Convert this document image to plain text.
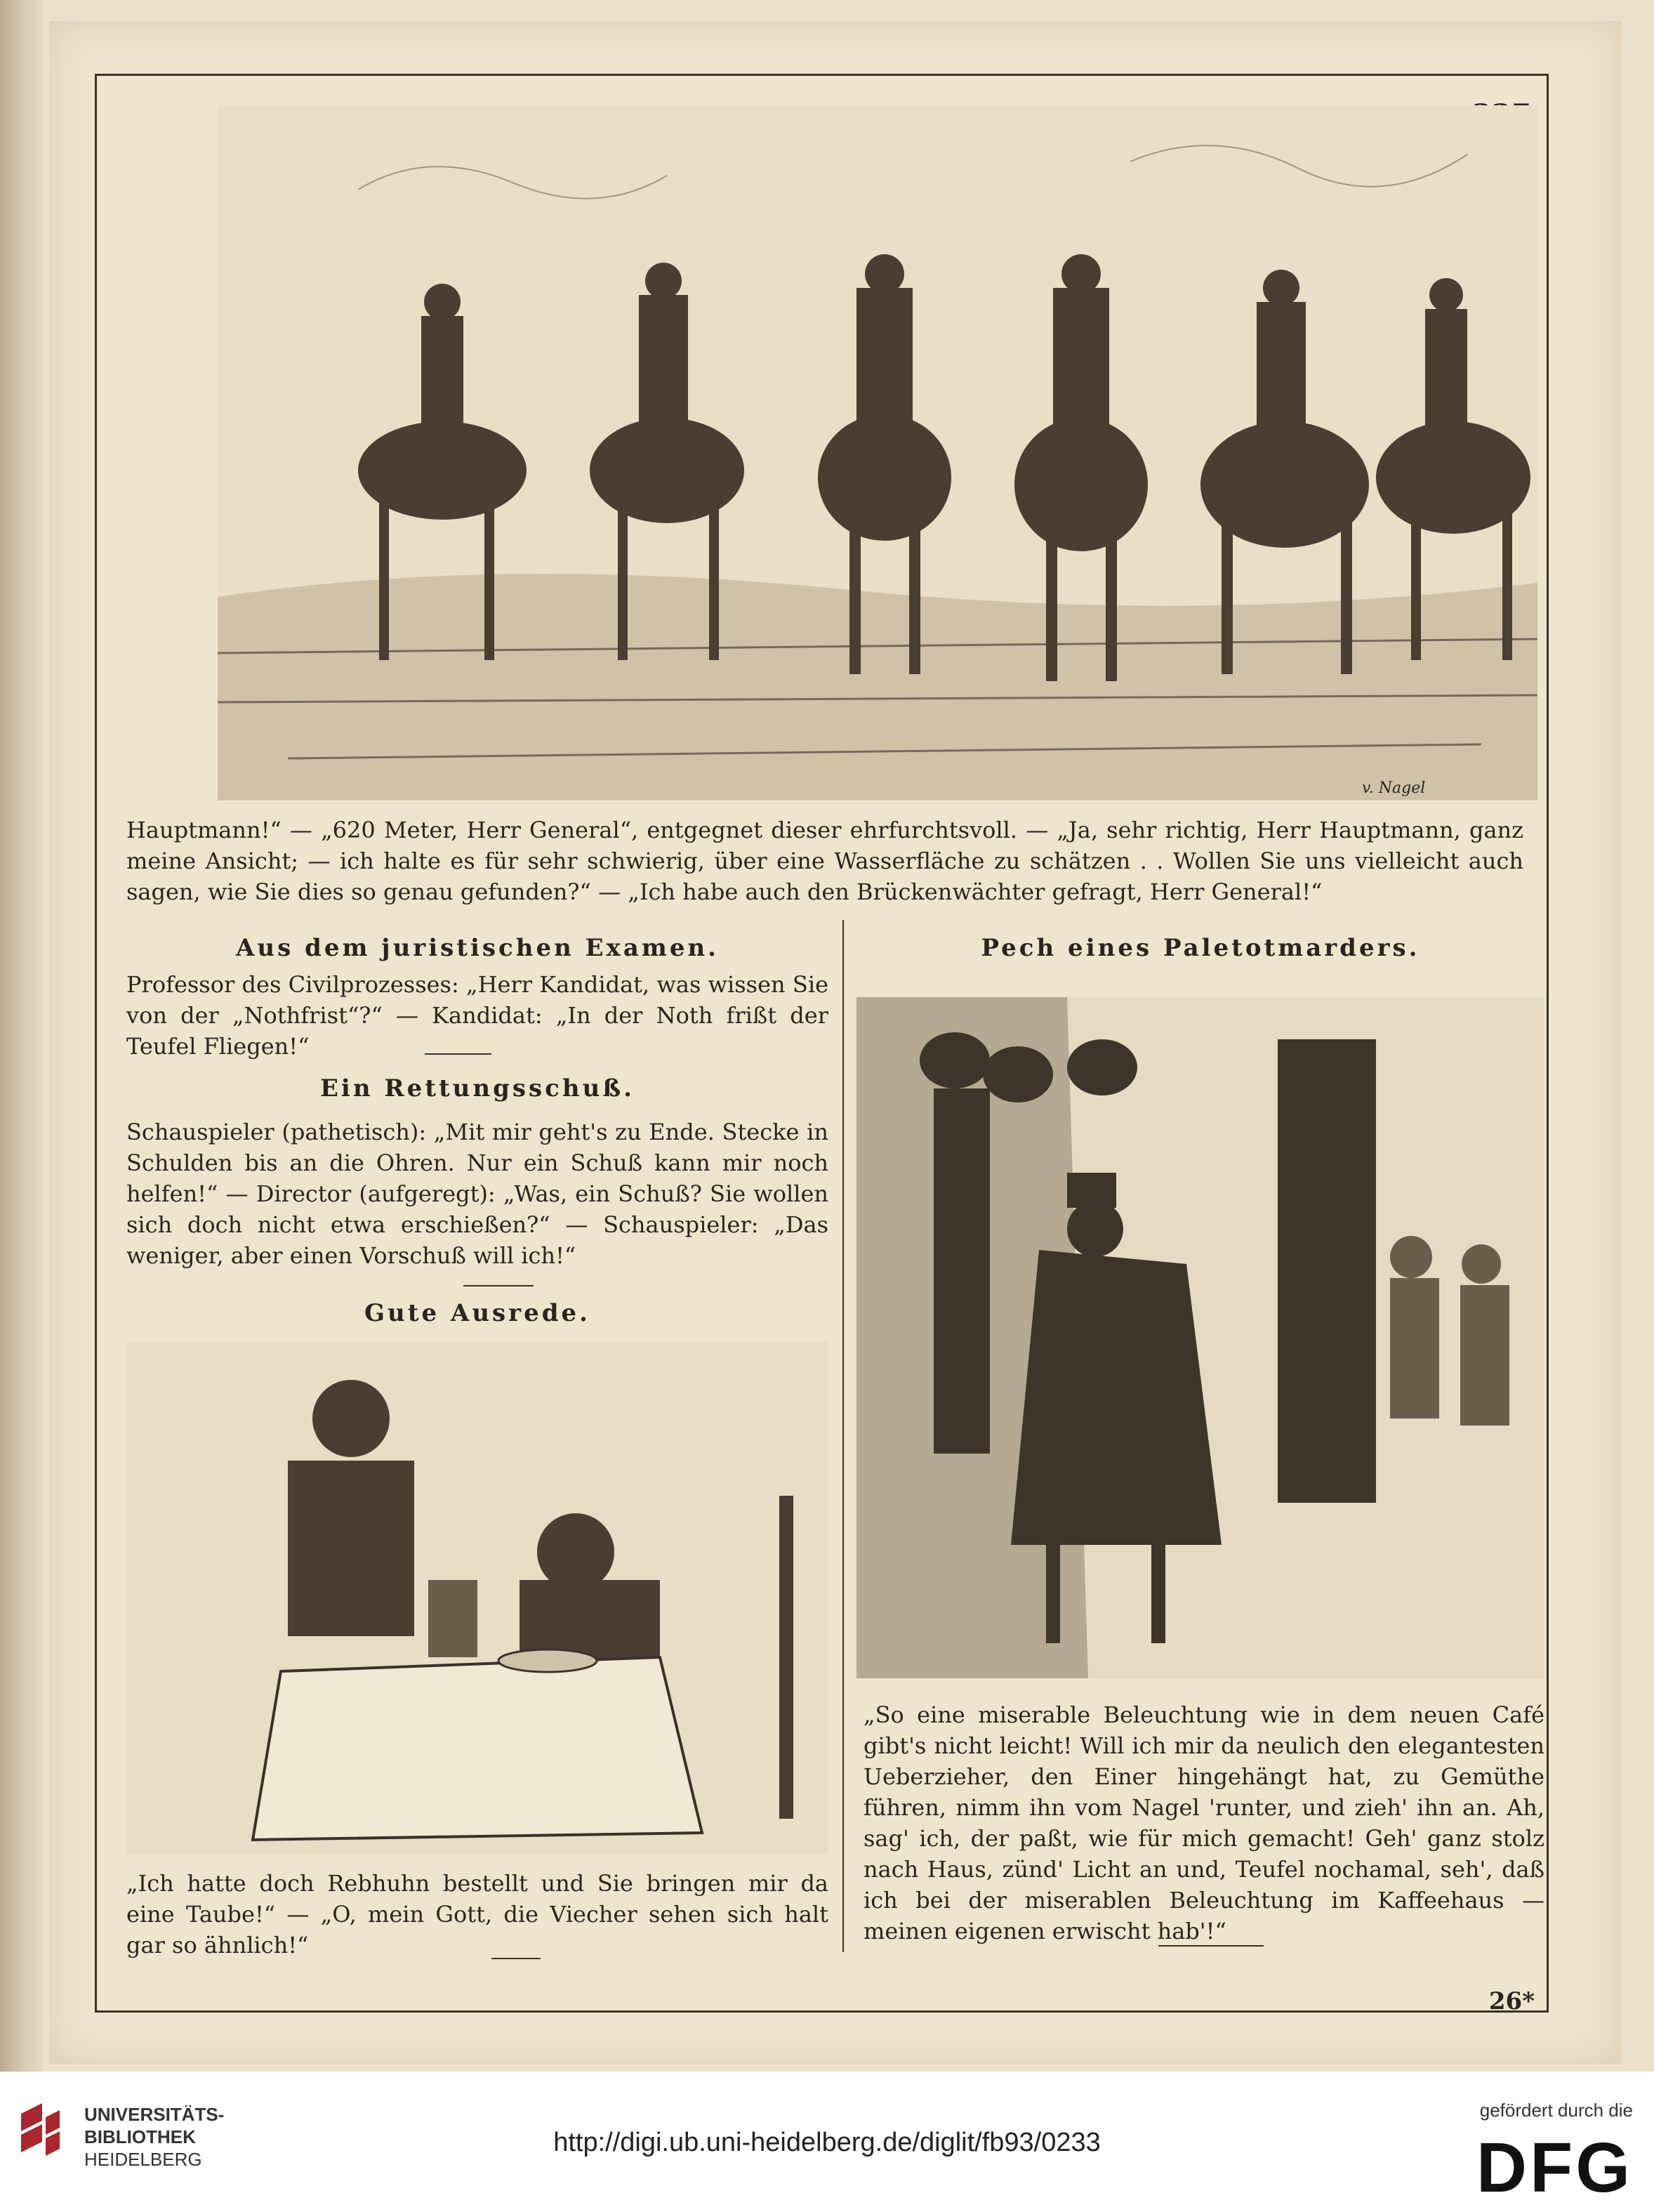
v. Nagel
Hauptmann!“ — „620 Meter, Herr General“, entgegnet dieser ehrfurchtsvoll. — „Ja, sehr richtig, Herr Hauptmann, ganz meine Ansicht; — ich halte es für sehr schwierig, über eine Wasserfläche zu schätzen . . Wollen Sie uns vielleicht auch sagen, wie Sie dies so genau gefunden?“ — „Ich habe auch den Brückenwächter gefragt, Herr General!“
Aus dem juristischen Examen.
Professor des Civilprozesses: „Herr Kandidat, was wissen Sie von der „Nothfrist“?“ — Kandidat: „In der Noth frißt der Teufel Fliegen!“
Ein Rettungsschuß.
Schauspieler (pathetisch): „Mit mir geht's zu Ende. Stecke in Schulden bis an die Ohren. Nur ein Schuß kann mir noch helfen!“ — Director (aufgeregt): „Was, ein Schuß? Sie wollen sich doch nicht etwa erschießen?“ — Schauspieler: „Das weniger, aber einen Vorschuß will ich!“
Gute Ausrede.
„Ich hatte doch Rebhuhn bestellt und Sie bringen mir da eine Taube!“ — „O, mein Gott, die Viecher sehen sich halt gar so ähnlich!“
Pech eines Paletotmarders.
„So eine miserable Beleuchtung wie in dem neuen Café gibt's nicht leicht! Will ich mir da neulich den elegantesten Ueberzieher, den Einer hingehängt hat, zu Gemüthe führen, nimm ihn vom Nagel 'runter, und zieh' ihn an. Ah, sag' ich, der paßt, wie für mich gemacht! Geh' ganz stolz nach Haus, zünd' Licht an und, Teufel nochamal, seh', daß ich bei der miserablen Beleuchtung im Kaffeehaus — meinen eigenen erwischt hab'!“
26*
UNIVERSITÄTS-
BIBLIOTHEK
HEIDELBERG
http://digi.ub.uni-heidelberg.de/diglit/fb93/0233
gefördert durch die
DFG
